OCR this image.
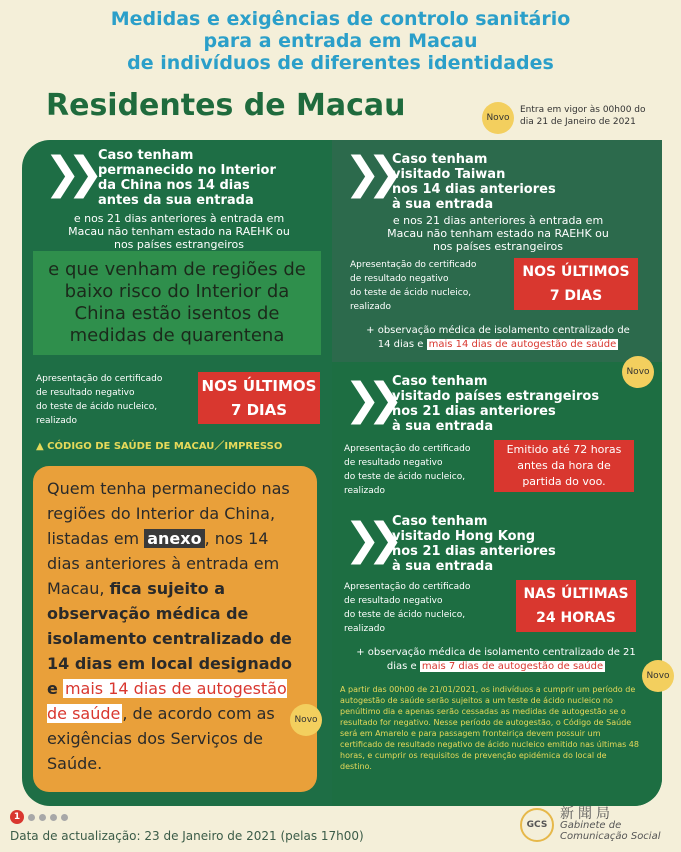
Medidas e exigências de controlo sanitário
para a entrada em Macau
de indivíduos de diferentes identidades
Residentes de Macau	Novo
Entra em vigor às 00h00 do
dia 21 de Janeiro de 2021
❯❯ Caso tenham
permanecido no Interior
da China nos 14 dias
antes da sua entrada
e nos 21 dias anteriores à entrada em
Macau não tenham estado na RAEHK ou
nos países estrangeiros
e que venham de regiões de baixo risco do Interior da China estão isentos de medidas de quarentena
Apresentação do certificado
de resultado negativo
do teste de ácido nucleico,
realizado
NOS ÚLTIMOS
7 DIAS
▲ CÓDIGO DE SAÚDE DE MACAU／IMPRESSO
Quem tenha permanecido nas regiões do Interior da China, listadas em anexo , nos 14 dias anteriores à entrada em Macau, fica sujeito a observação médica de isolamento centralizado de 14 dias em local designado e mais 14 dias de autogestão de saúde , de acordo com as exigências dos Serviços de Saúde.
Novo
❯❯ Caso tenham
visitado Taiwan
nos 14 dias anteriores
à sua entrada
e nos 21 dias anteriores à entrada em
Macau não tenham estado na RAEHK ou
nos países estrangeiros
Apresentação do certificado
de resultado negativo
do teste de ácido nucleico,
realizado
NOS ÚLTIMOS
7 DIAS
+ observação médica de isolamento centralizado de
14 dias e mais 14 dias de autogestão de saúde
Novo
❯❯ Caso tenham
visitado países estrangeiros
nos 21 dias anteriores
à sua entrada
Apresentação do certificado
de resultado negativo
do teste de ácido nucleico,
realizado
Emitido até 72 horas
antes da hora de
partida do voo.
❯❯ Caso tenham
visitado Hong Kong
nos 21 dias anteriores
à sua entrada
Apresentação do certificado
de resultado negativo
do teste de ácido nucleico,
realizado
NAS ÚLTIMAS
24 HORAS
+ observação médica de isolamento centralizado de 21
dias e mais 7 dias de autogestão de saúde
Novo
A partir das 00h00 de 21/01/2021, os indivíduos a cumprir um período de autogestão de saúde serão sujeitos a um teste de ácido nucleico no penúltimo dia e apenas serão cessadas as medidas de autogestão se o resultado for negativo. Nesse período de autogestão, o Código de Saúde será em Amarelo e para passagem fronteiriça devem possuir um certificado de resultado negativo de ácido nucleico emitido nas últimas 48 horas, e cumprir os requisitos de prevenção epidémica do local de destino.
1
Data de actualização: 23 de Janeiro de 2021 (pelas 17h00)
GCS
新聞局
Gabinete de
Comunicação Social
